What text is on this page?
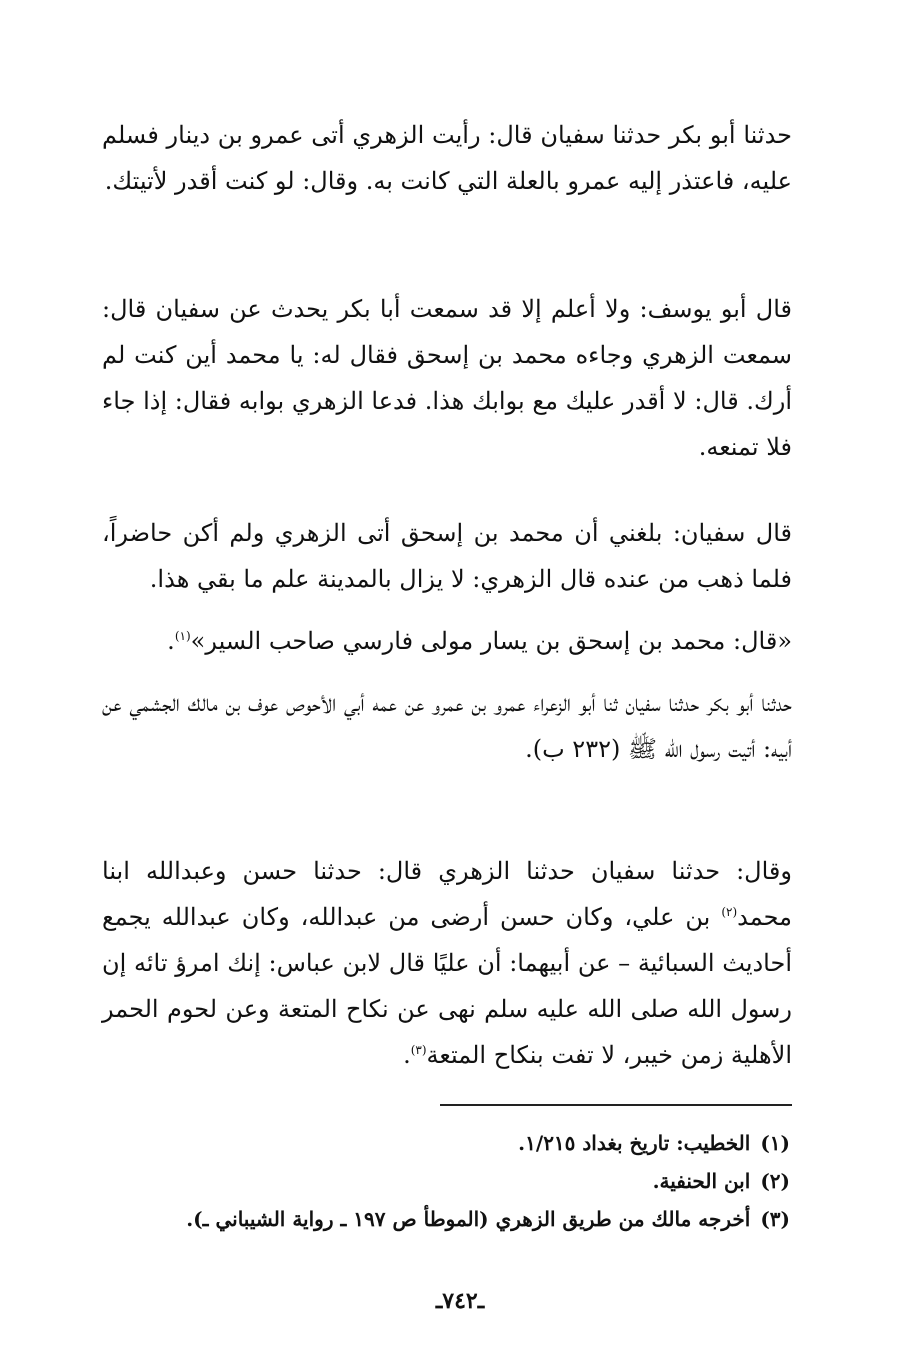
حدثنا أبو بكر حدثنا سفيان قال: رأيت الزهري أتى عمرو بن دينار فسلم عليه، فاعتذر إليه عمرو بالعلة التي كانت به. وقال: لو كنت أقدر لأتيتك.

قال أبو يوسف: ولا أعلم إلا قد سمعت أبا بكر يحدث عن سفيان قال: سمعت الزهري وجاءه محمد بن إسحق فقال له: يا محمد أين كنت لم أرك. قال: لا أقدر عليك مع بوابك هذا. فدعا الزهري بوابه فقال: إذا جاء فلا تمنعه.

قال سفيان: بلغني أن محمد بن إسحق أتى الزهري ولم أكن حاضراً، فلما ذهب من عنده قال الزهري: لا يزال بالمدينة علم ما بقي هذا.

«قال: محمد بن إسحق بن يسار مولى فارسي صاحب السير»$^{(١)}$.

حدثنا أبو بكر حدثنا سفيان ثنا أبو الزعراء عمرو بن عمرو عن عمه أبي الأحوص عوف بن مالك الجشمي عن أبيه: أتيت رسول الله ﷺ (٢٣٢ ب).

وقال: حدثنا سفيان حدثنا الزهري قال: حدثنا حسن وعبدالله ابنا محمد$^{(٢)}$ بن علي، وكان حسن أرضى من عبدالله، وكان عبدالله يجمع أحاديث السبائية – عن أبيهما: أن عليًا قال لابن عباس: إنك امرؤ تائه إن رسول الله صلى الله عليه سلم نهى عن نكاح المتعة وعن لحوم الحمر الأهلية زمن خيبر، لا تفت بنكاح المتعة$^{(٣)}$.

(١)الخطيب: تاريخ بغداد ١/٢١٥.
(٢)ابن الحنفية.
(٣)أخرجه مالك من طريق الزهري (الموطأ ص ١٩٧ ـ رواية الشيباني ـ).
ـ٧٤٢ـ
